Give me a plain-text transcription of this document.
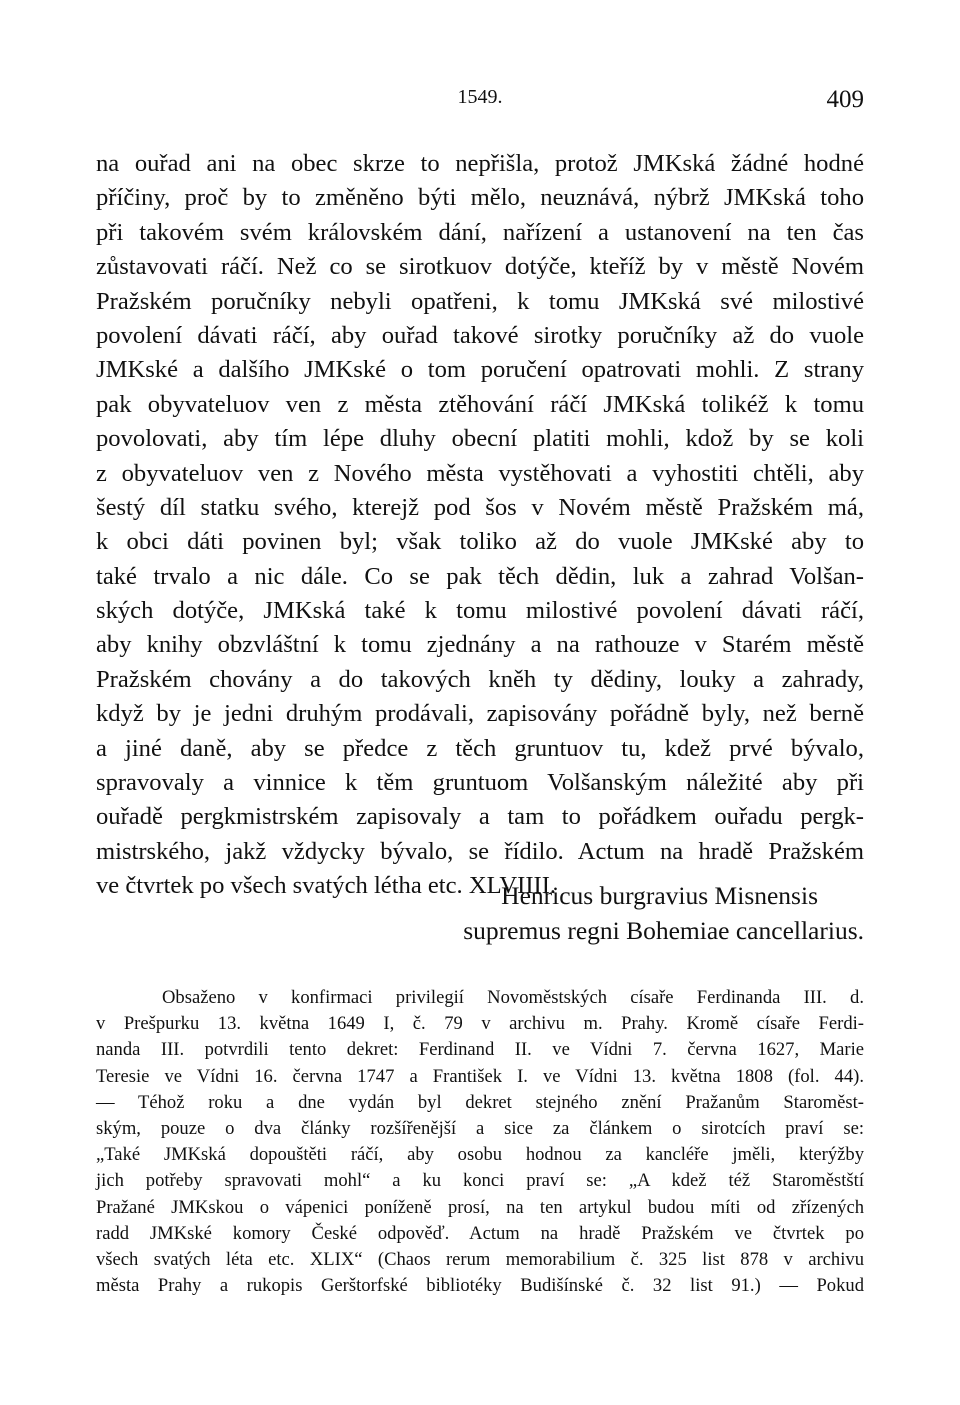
1549.	409
na ouřad ani na obec skrze to nepřišla, protož JMKská žádné hodné
příčiny, proč by to změněno býti mělo, neuznává, nýbrž JMKská toho
při takovém svém královském dání, nařízení a ustanovení na ten čas
zůstavovati ráčí. Než co se sirotkuov dotýče, kteříž by v městě Novém
Pražském poručníky nebyli opatřeni, k tomu JMKská své milostivé
povolení dávati ráčí, aby ouřad takové sirotky poručníky až do vuole
JMKské a dalšího JMKské o tom poručení opatrovati mohli. Z strany
pak obyvateluov ven z města ztěhování ráčí JMKská tolikéž k tomu
povolovati, aby tím lépe dluhy obecní platiti mohli, kdož by se koli
z obyvateluov ven z Nového města vystěhovati a vyhostiti chtěli, aby
šestý díl statku svého, kterejž pod šos v Novém městě Pražském má,
k obci dáti povinen byl; však toliko až do vuole JMKské aby to
také trvalo a nic dále. Co se pak těch dědin, luk a zahrad Volšan-
ských dotýče, JMKská také k tomu milostivé povolení dávati ráčí,
aby knihy obzvláštní k tomu zjednány a na rathouze v Starém městě
Pražském chovány a do takových kněh ty dědiny, louky a zahrady,
když by je jedni druhým prodávali, zapisovány pořádně byly, než berně
a jiné daně, aby se předce z těch gruntuov tu, kdež prvé bývalo,
spravovaly a vinnice k těm gruntuom Volšanským náležité aby při
ouřadě pergkmistrském zapisovaly a tam to pořádkem ouřadu pergk-
mistrského, jakž vždycky bývalo, se řídilo. Actum na hradě Pražském
ve čtvrtek po všech svatých létha etc. XLVIIII.
Henricus burgravius Misnensis
supremus regni Bohemiae cancellarius.
Obsaženo v konfirmaci privilegií Novoměstských císaře Ferdinanda III. d.
v Prešpurku 13. května 1649 I, č. 79 v archivu m. Prahy. Kromě císaře Ferdi-
nanda III. potvrdili tento dekret: Ferdinand II. ve Vídni 7. června 1627, Marie
Teresie ve Vídni 16. června 1747 a František I. ve Vídni 13. května 1808 (fol. 44).
— Téhož roku a dne vydán byl dekret stejného znění Pražanům Staroměst-
ským, pouze o dva články rozšířenější a sice za článkem o sirotcích praví se:
„Také JMKská dopouštěti ráčí, aby osobu hodnou za kancléře jměli, kterýžby
jich potřeby spravovati mohl“ a ku konci praví se: „A kdež též Staroměstští
Pražané JMKskou o vápenici poníženě prosí, na ten artykul budou míti od zřízených
radd JMKské komory České odpověď. Actum na hradě Pražském ve čtvrtek po
všech svatých léta etc. XLIX“ (Chaos rerum memorabilium č. 325 list 878 v archivu
města Prahy a rukopis Gerštorfské bibliotéky Budišínské č. 32 list 91.) — Pokud
